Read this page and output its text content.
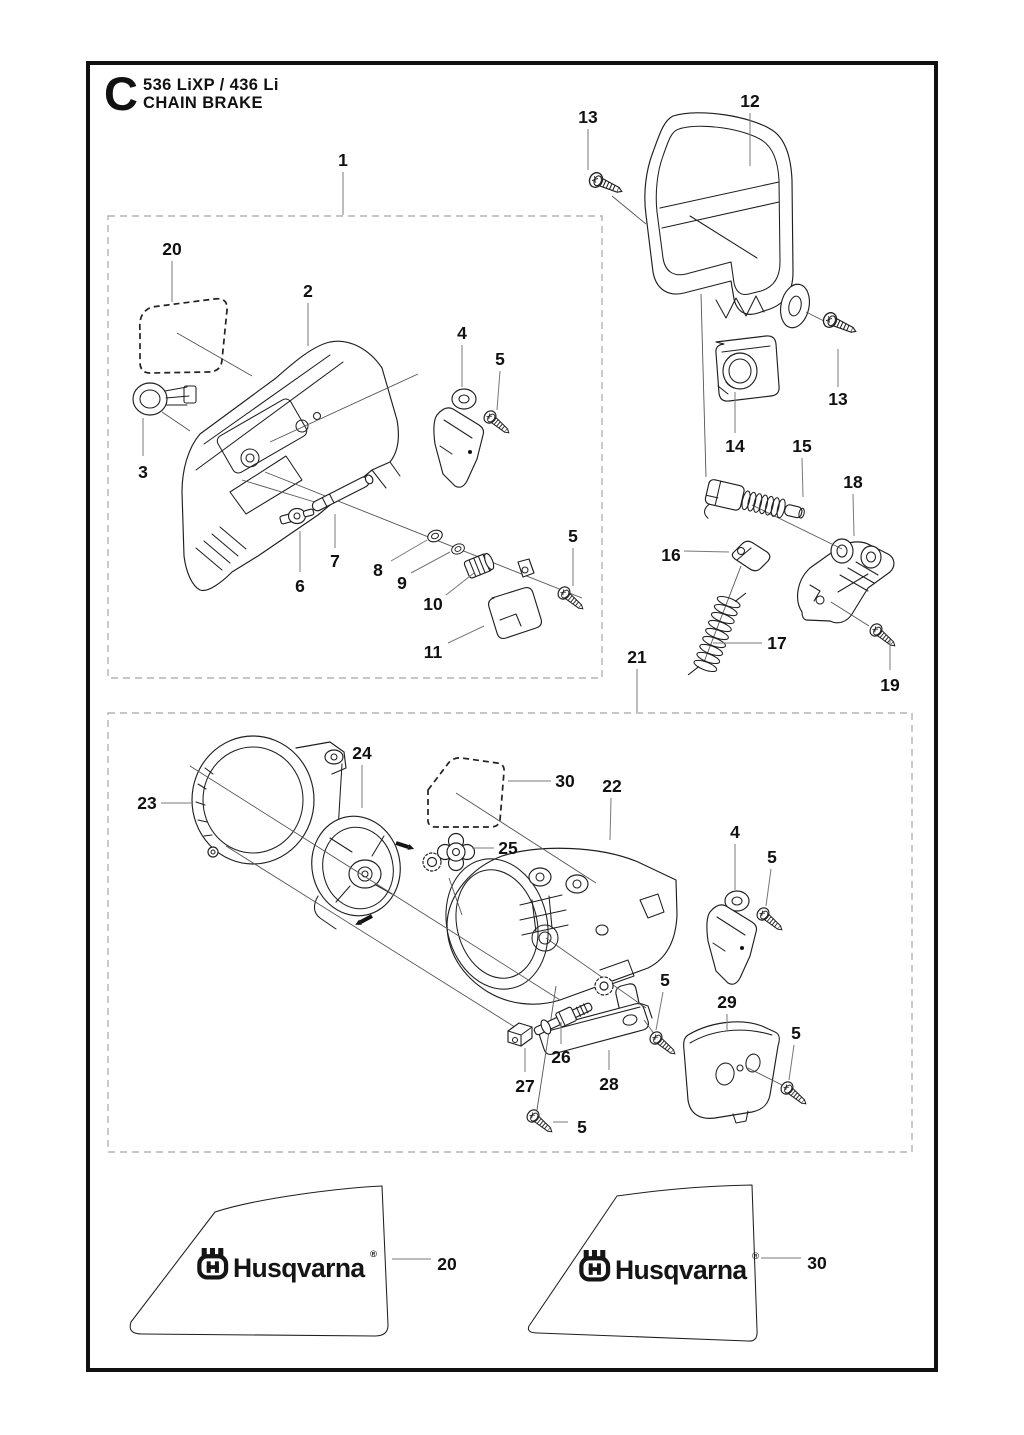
C 536 LiXP / 436 Li
CHAIN BRAKE
Husqvarna ®
Husqvarna ®
1
13
12
20
2
4
5
13
14	15
3	18
16
5
7 8
6	9
10
17
11	21
19
24
30 22
23
4
25	5
5
29
5
26
27	28
5
20	30
